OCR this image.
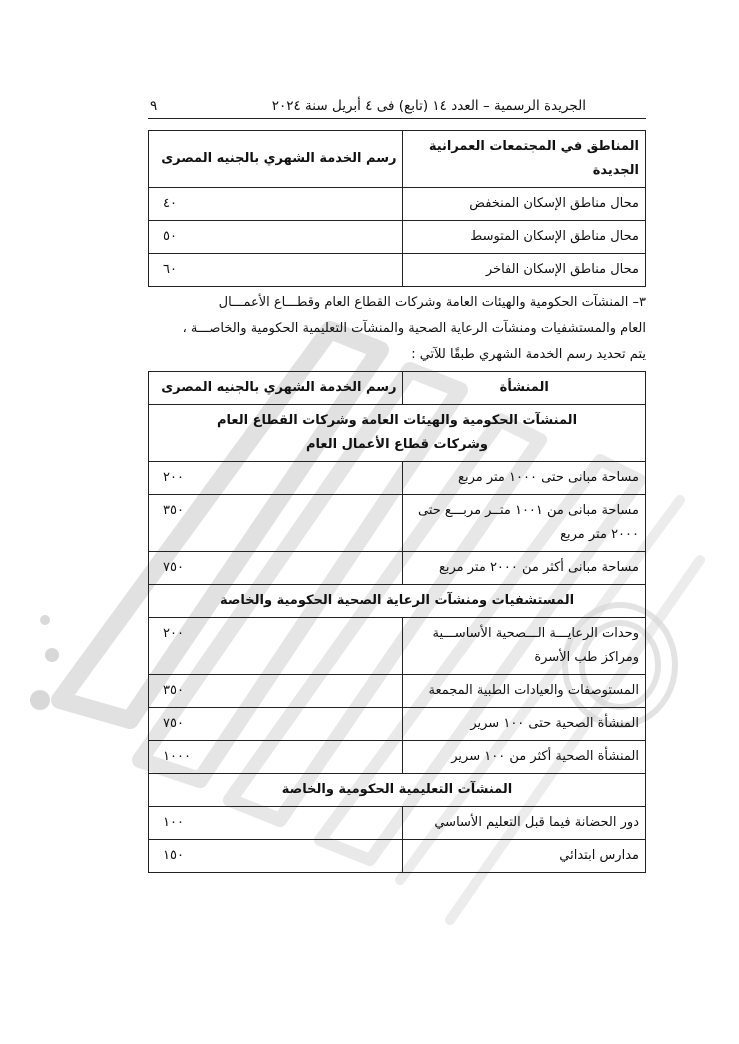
الجريدة الرسمية – العدد ١٤ (تابع) فى ٤ أبريل سنة ٢٠٢٤
٩
المناطق في المجتمعات العمرانية الجديدة	رسم الخدمة الشهري بالجنيه المصرى
محال مناطق الإسكان المنخفض	٤٠
محال مناطق الإسكان المتوسط	٥٠
محال مناطق الإسكان الفاخر	٦٠

٣– المنشآت الحكومية والهيئات العامة وشركات القطاع العام وقطـــاع الأعمـــال
العام والمستشفيات ومنشآت الرعاية الصحية والمنشآت التعليمية الحكومية والخاصـــة ،
يتم تحديد رسم الخدمة الشهري طبقًا للآتي :

المنشأة	رسم الخدمة الشهري بالجنيه المصرى

المنشآت الحكومية والهيئات العامة وشركات القطاع العام
وشركات قطاع الأعمال العام	

مساحة مبانى حتى ١٠٠٠ متر مربع	٢٠٠
مساحة مبانى من ١٠٠١ متــر مربـــع حتى ٢٠٠٠ متر مربع	٣٥٠
مساحة مبانى أكثر من ٢٠٠٠ متر مربع	٧٥٠
المستشفيات ومنشآت الرعاية الصحية الحكومية والخاصة	
وحدات الرعايـــة الـــصحية الأساســـية ومراكز طب الأسرة	٢٠٠
المستوصفات والعيادات الطبية المجمعة	٣٥٠
المنشأة الصحية حتى ١٠٠ سرير	٧٥٠
المنشأة الصحية أكثر من ١٠٠ سرير	١٠٠٠
المنشآت التعليمية الحكومية والخاصة	
دور الحضانة فيما قبل التعليم الأساسي	١٠٠
مدارس ابتدائي	١٥٠
